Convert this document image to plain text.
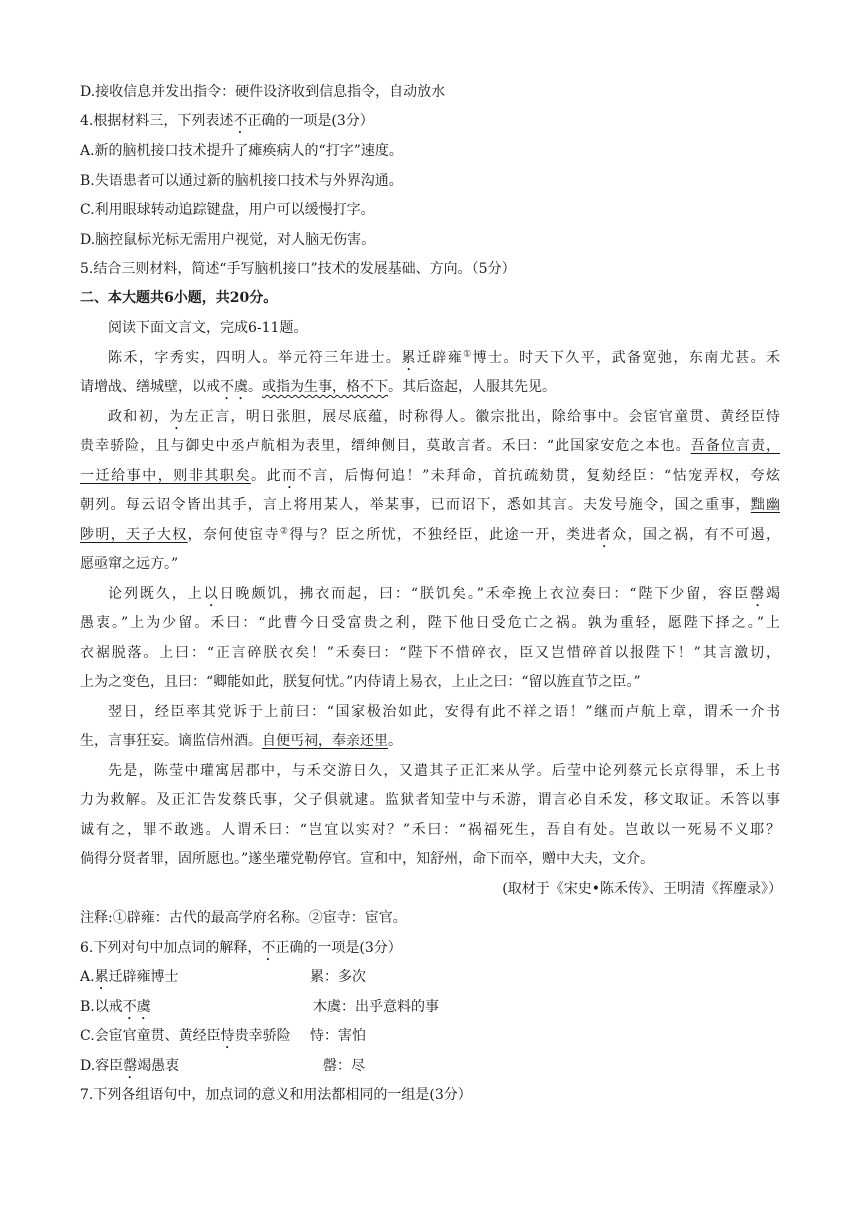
D.接收信息并发出指令：硬件设济收到信息指令，自动放水
4.根据材料三，下列表述不正确的一项是(3分）
A.新的脑机接口技术提升了瘫痪病人的“打字”速度。
B.失语患者可以通过新的脑机接口技术与外界沟通。
C.利用眼球转动追踪键盘，用户可以缓慢打字。
D.脑控鼠标光标无需用户视觉，对人脑无伤害。
5.结合三则材料，简述“手写脑机接口”技术的发展基础、方向。（5分）
二、本大题共6小题，共20分。
阅读下面文言文，完成6-11题。
陈禾，字秀实，四明人。举元符三年进士。累迁辟雍①博士。时天下久平，武备宽弛，东南尤甚。禾
请增战、缮城壁，以戒不虞。或指为生事，格不下。其后盗起，人服其先见。
政和初，为左正言，明日张胆，展尽底蕴，时称得人。徽宗批出，除给事中。会宦官童贯、黄经臣恃
贵幸骄险，且与御史中丞卢航相为表里，缙绅侧目，莫敢言者。禾曰：“此国家安危之本也。吾备位言责，
一迁给事中，则非其职矣。此而不言，后悔何追！”未拜命，首抗疏劾贯，复劾经臣：“怙宠弄权，夸炫
朝列。每云诏令皆出其手，言上将用某人，举某事，已而诏下，悉如其言。夫发号施令，国之重事，黜幽
陟明，天子大权，奈何使宦寺②得与？臣之所忧，不独经臣，此途一开，类进者众，国之祸，有不可遏，
愿亟窜之远方。”
论列既久，上以日晚颇饥，拂衣而起，曰：“朕饥矣。”禾牵挽上衣泣奏曰：“陛下少留，容臣罄竭
愚衷。”上为少留。禾曰：“此曹今日受富贵之利，陛下他日受危亡之祸。孰为重轻，愿陛下择之。”上
衣裾脱落。上曰：“正言碎朕衣矣！”禾奏曰：“陛下不惜碎衣，臣又岂惜碎首以报陛下！”其言激切，
上为之变色，且曰：“卿能如此，朕复何忧。”内侍请上易衣，上止之曰：“留以旌直节之臣。”
翌日，经臣率其党诉于上前曰：“国家极治如此，安得有此不祥之语！”继而卢航上章，谓禾一介书
生，言事狂妄。谪监信州酒。自便丐祠，奉亲还里。
先是，陈莹中瓘寓居郡中，与禾交游日久，又遣其子正汇来从学。后莹中论列蔡元长京得罪，禾上书
力为救解。及正汇告发蔡氏事，父子俱就逮。监狱者知莹中与禾游，谓言必自禾发，移文取证。禾答以事
诚有之，罪不敢逃。人谓禾曰：“岂宜以实对？”禾曰：“祸福死生，吾自有处。岂敢以一死易不义耶？
倘得分贤者罪，固所愿也。”遂坐瓘党勒停官。宣和中，知舒州，命下而卒，赠中大夫，文介。
(取材于《宋史•陈禾传》、王明清《挥麈录》）
注释:①辟雍：古代的最高学府名称。②宦寺：宦官。
6.下列对句中加点词的解释，不正确的一项是(3分）
A.累迁辟雍博士	累：多次
B.以戒不虞	木虞：出乎意料的事
C.会宦官童贯、黄经臣恃贵幸骄险 恃：害怕
D.容臣罄竭愚衷	罄：尽
7.下列各组语句中，加点词的意义和用法都相同的一组是(3分）
